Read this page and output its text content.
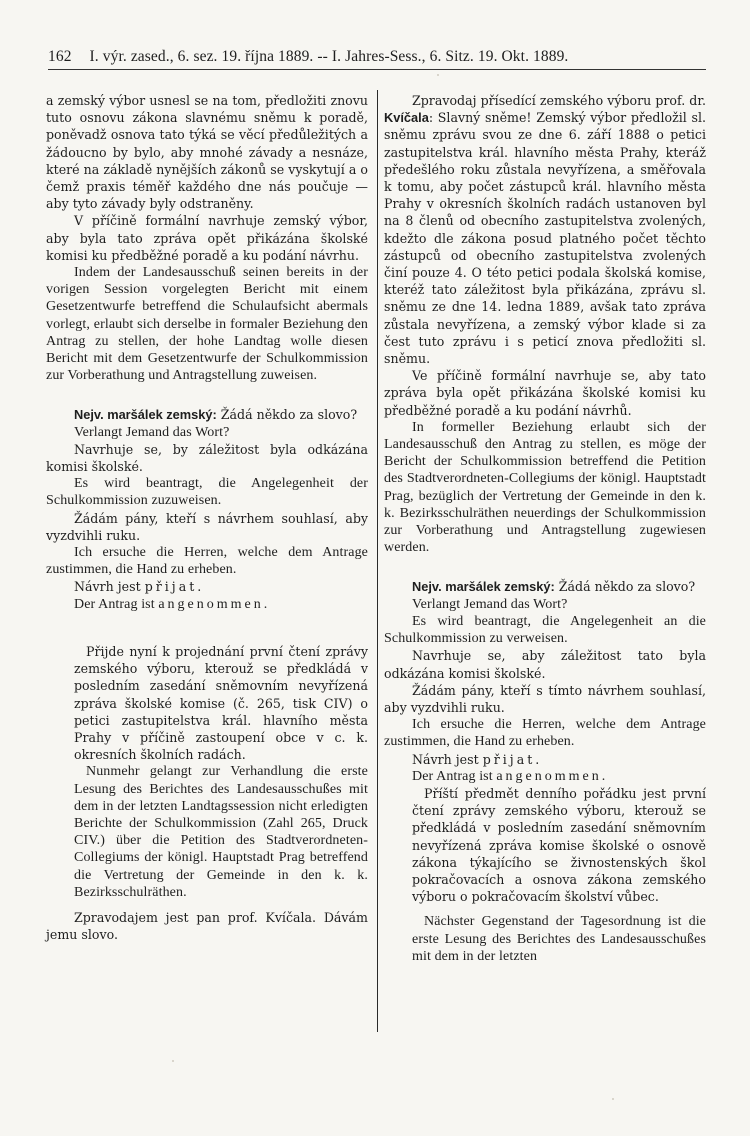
162 I. výr. zased., 6. sez. 19. října 1889. -- I. Jahres-Sess., 6. Sitz. 19. Okt. 1889.

a zemský výbor usnesl se na tom, předložiti znovu tuto osnovu zákona slavnému sněmu k poradě, poněvadž osnova tato týká se věcí předůležitých a žádoucno by bylo, aby mnohé závady a nesnáze, které na základě nynějších zákonů se vyskytují a o čemž praxis téměř každého dne nás poučuje — aby tyto závady byly odstraněny.

V příčině formální navrhuje zemský výbor, aby byla tato zpráva opět přikázána školské komisi ku předběžné poradě a ku podání návrhu.

Indem der Landesausschuß seinen bereits in der vorigen Session vorgelegten Bericht mit einem Gesetzentwurfe betreffend die Schulaufsicht abermals vorlegt, erlaubt sich derselbe in formaler Beziehung den Antrag zu stellen, der hohe Landtag wolle diesen Bericht mit dem Gesetzentwurfe der Schulkommission zur Vorberathung und Antragstellung zuweisen.

Nejv. maršálek zemský: Žádá někdo za slovo?

Verlangt Jemand das Wort?

Navrhuje se, by záležitost byla odkázána komisi školské.

Es wird beantragt, die Angelegenheit der Schulkommission zuzuweisen.

Žádám pány, kteří s návrhem souhlasí, aby vyzdvihli ruku.

Ich ersuche die Herren, welche dem Antrage zustimmen, die Hand zu erheben.

Návrh jest přijat.

Der Antrag ist angenommen.

Přijde nyní k projednání první čtení zprávy zemského výboru, kterouž se předkládá v posledním zasedání sněmovním nevyřízená zpráva školské komise (č. 265, tisk CIV) o petici zastupitelstva král. hlavního města Prahy v příčině zastoupení obce v c. k. okresních školních radách.

Nunmehr gelangt zur Verhandlung die erste Lesung des Berichtes des Landesausschußes mit dem in der letzten Landtagssession nicht erledigten Berichte der Schulkommission (Zahl 265, Druck CIV.) über die Petition des Stadtverordneten-Collegiums der königl. Hauptstadt Prag betreffend die Vertretung der Gemeinde in den k. k. Bezirksschulräthen.

Zpravodajem jest pan prof. Kvíčala. Dávám jemu slovo.

Zpravodaj přísedící zemského výboru prof. dr. Kvíčala: Slavný sněme! Zemský výbor předložil sl. sněmu zprávu svou ze dne 6. září 1888 o petici zastupitelstva král. hlavního města Prahy, kteráž předešlého roku zůstala nevyřízena, a směřovala k tomu, aby počet zástupců král. hlavního města Prahy v okresních školních radách ustanoven byl na 8 členů od obecního zastupitelstva zvolených, kdežto dle zákona posud platného počet těchto zástupců od obecního zastupitelstva zvolených činí pouze 4. O této petici podala školská komise, kteréž tato záležitost byla přikázána, zprávu sl. sněmu ze dne 14. ledna 1889, avšak tato zpráva zůstala nevyřízena, a zemský výbor klade si za čest tuto zprávu i s peticí znova předložiti sl. sněmu.

Ve příčině formální navrhuje se, aby tato zpráva byla opět přikázána školské komisi ku předběžné poradě a ku podání návrhů.

In formeller Beziehung erlaubt sich der Landesausschuß den Antrag zu stellen, es möge der Bericht der Schulkommission betreffend die Petition des Stadtverordneten-Collegiums der königl. Hauptstadt Prag, bezüglich der Vertretung der Gemeinde in den k. k. Bezirksschulräthen neuerdings der Schulkommission zur Vorberathung und Antragstellung zugewiesen werden.

Nejv. maršálek zemský: Žádá někdo za slovo?

Verlangt Jemand das Wort?

Es wird beantragt, die Angelegenheit an die Schulkommission zu verweisen.

Navrhuje se, aby záležitost tato byla odkázána komisi školské.

Žádám pány, kteří s tímto návrhem souhlasí, aby vyzdvihli ruku.

Ich ersuche die Herren, welche dem Antrage zustimmen, die Hand zu erheben.

Návrh jest přijat.

Der Antrag ist angenommen.

Příští předmět denního pořádku jest první čtení zprávy zemského výboru, kterouž se předkládá v posledním zasedání sněmovním nevyřízená zpráva komise školské o osnově zákona týkajícího se živnostenských škol pokračovacích a osnova zákona zemského výboru o pokračovacím školství vůbec.

Nächster Gegenstand der Tagesordnung ist die erste Lesung des Berichtes des Landesausschußes mit dem in der letzten
